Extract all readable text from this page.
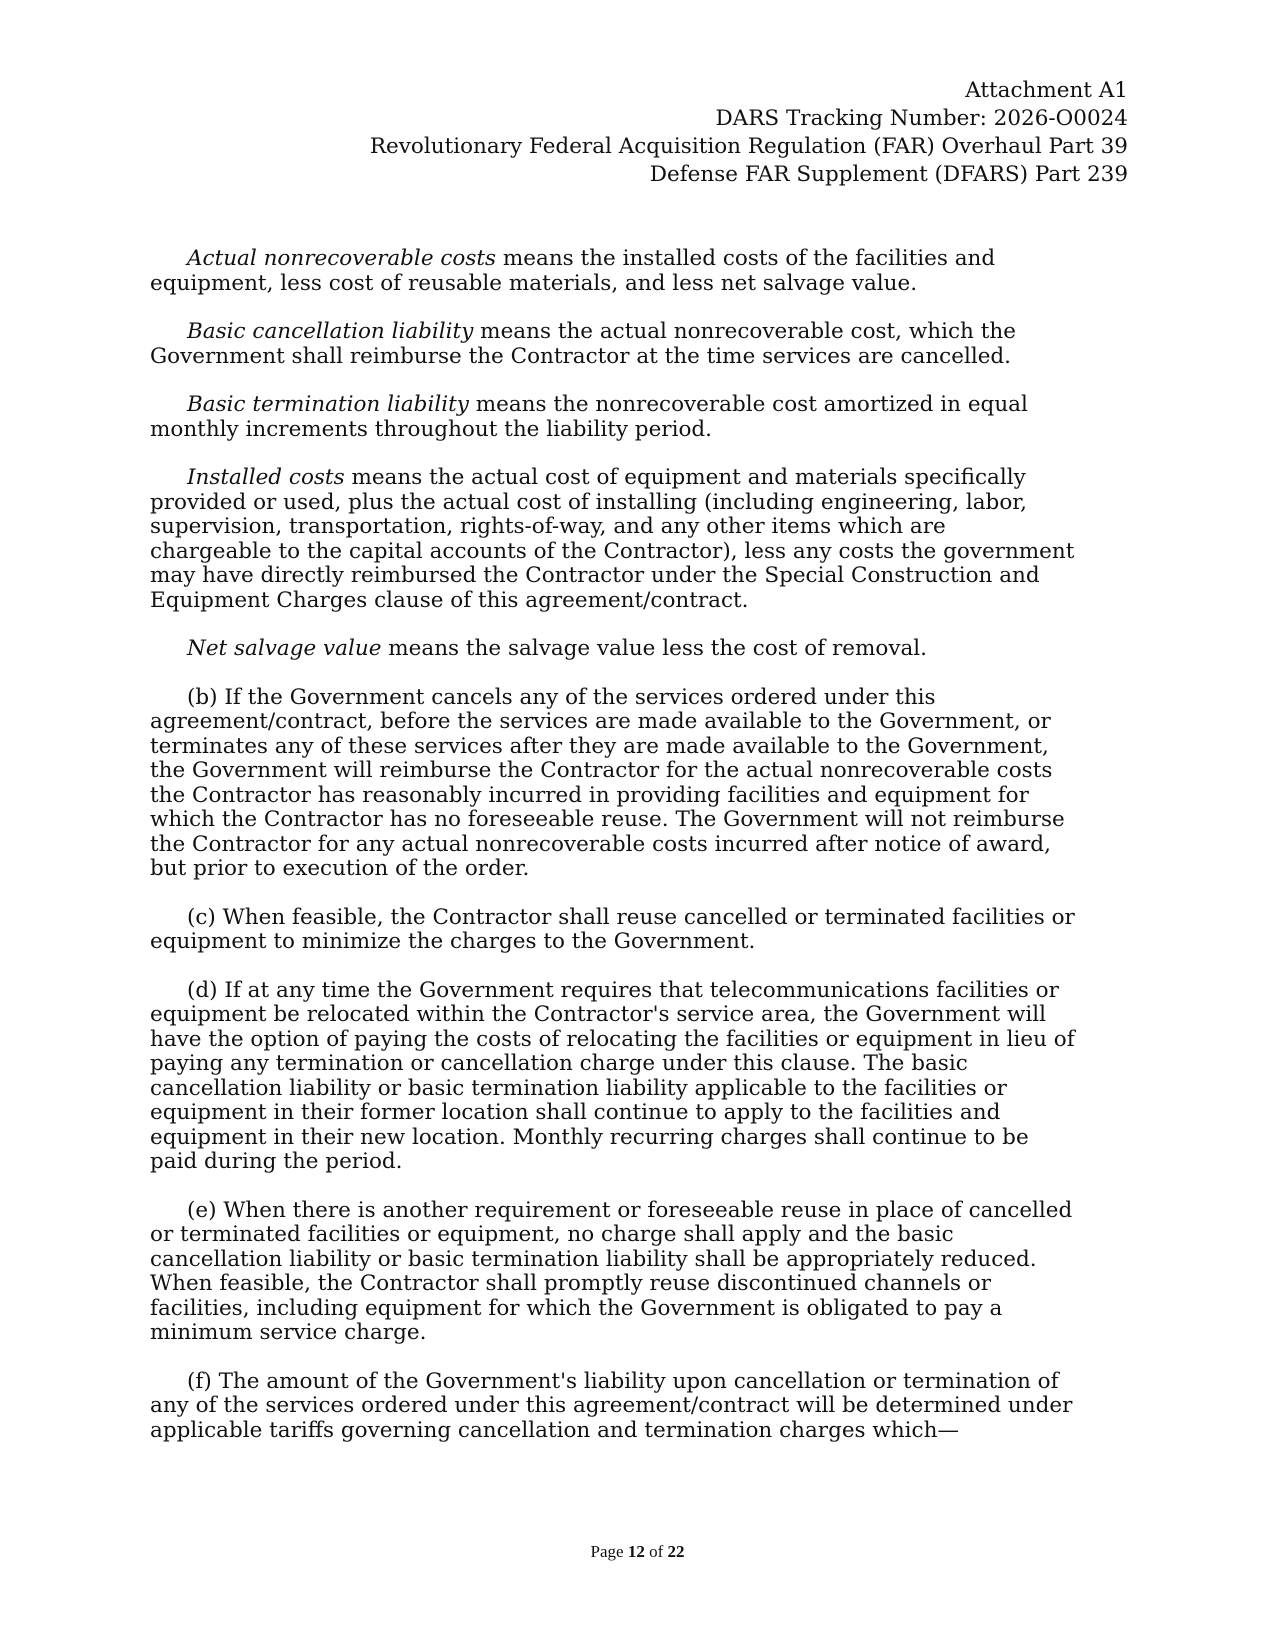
Attachment A1
DARS Tracking Number: 2026-O0024
Revolutionary Federal Acquisition Regulation (FAR) Overhaul Part 39
Defense FAR Supplement (DFARS) Part 239

Actual nonrecoverable costs means the installed costs of the facilities and
equipment, less cost of reusable materials, and less net salvage value.

Basic cancellation liability means the actual nonrecoverable cost, which the
Government shall reimburse the Contractor at the time services are cancelled.

Basic termination liability means the nonrecoverable cost amortized in equal
monthly increments throughout the liability period.

Installed costs means the actual cost of equipment and materials specifically
provided or used, plus the actual cost of installing (including engineering, labor,
supervision, transportation, rights-of-way, and any other items which are
chargeable to the capital accounts of the Contractor), less any costs the government
may have directly reimbursed the Contractor under the Special Construction and
Equipment Charges clause of this agreement/contract.

Net salvage value means the salvage value less the cost of removal.

(b) If the Government cancels any of the services ordered under this
agreement/contract, before the services are made available to the Government, or
terminates any of these services after they are made available to the Government,
the Government will reimburse the Contractor for the actual nonrecoverable costs
the Contractor has reasonably incurred in providing facilities and equipment for
which the Contractor has no foreseeable reuse. The Government will not reimburse
the Contractor for any actual nonrecoverable costs incurred after notice of award,
but prior to execution of the order.

(c) When feasible, the Contractor shall reuse cancelled or terminated facilities or
equipment to minimize the charges to the Government.

(d) If at any time the Government requires that telecommunications facilities or
equipment be relocated within the Contractor's service area, the Government will
have the option of paying the costs of relocating the facilities or equipment in lieu of
paying any termination or cancellation charge under this clause. The basic
cancellation liability or basic termination liability applicable to the facilities or
equipment in their former location shall continue to apply to the facilities and
equipment in their new location. Monthly recurring charges shall continue to be
paid during the period.

(e) When there is another requirement or foreseeable reuse in place of cancelled
or terminated facilities or equipment, no charge shall apply and the basic
cancellation liability or basic termination liability shall be appropriately reduced.
When feasible, the Contractor shall promptly reuse discontinued channels or
facilities, including equipment for which the Government is obligated to pay a
minimum service charge.

(f) The amount of the Government's liability upon cancellation or termination of
any of the services ordered under this agreement/contract will be determined under
applicable tariffs governing cancellation and termination charges which—

Page 12 of 22
